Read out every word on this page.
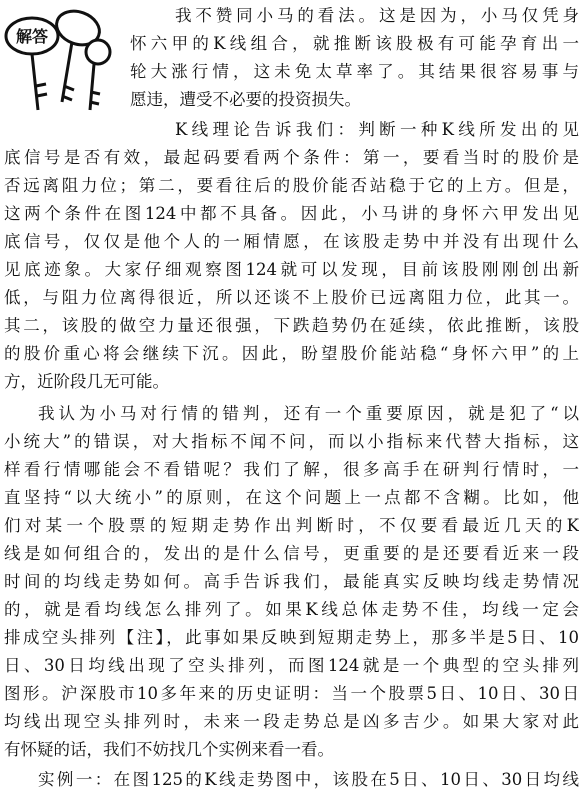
解答
我不赞同小马的看法。这是因为，小马仅凭身
怀六甲的K线组合，就推断该股极有可能孕育出一
轮大涨行情，这未免太草率了。其结果很容易事与
愿违，遭受不必要的投资损失。
K线理论告诉我们：判断一种K线所发出的见
底信号是否有效，最起码要看两个条件：第一，要看当时的股价是
否远离阻力位；第二，要看往后的股价能否站稳于它的上方。但是，
这两个条件在图124中都不具备。因此，小马讲的身怀六甲发出见
底信号，仅仅是他个人的一厢情愿，在该股走势中并没有出现什么
见底迹象。大家仔细观察图124就可以发现，目前该股刚刚创出新
低，与阻力位离得很近，所以还谈不上股价已远离阻力位，此其一。
其二，该股的做空力量还很强，下跌趋势仍在延续，依此推断，该股
的股价重心将会继续下沉。因此，盼望股价能站稳“身怀六甲”的上
方，近阶段几无可能。
我认为小马对行情的错判，还有一个重要原因，就是犯了“以
小统大”的错误，对大指标不闻不问，而以小指标来代替大指标，这
样看行情哪能会不看错呢？我们了解，很多高手在研判行情时，一
直坚持“以大统小”的原则，在这个问题上一点都不含糊。比如，他
们对某一个股票的短期走势作出判断时，不仅要看最近几天的K
线是如何组合的，发出的是什么信号，更重要的是还要看近来一段
时间的均线走势如何。高手告诉我们，最能真实反映均线走势情况
的，就是看均线怎么排列了。如果K线总体走势不佳，均线一定会
排成空头排列【注】，此事如果反映到短期走势上，那多半是5日、10
日、30日均线出现了空头排列，而图124就是一个典型的空头排列
图形。沪深股市10多年来的历史证明：当一个股票5日、10日、30日
均线出现空头排列时，未来一段走势总是凶多吉少。如果大家对此
有怀疑的话，我们不妨找几个实例来看一看。
实例一：在图125的K线走势图中，该股在5日、10日、30日均线
